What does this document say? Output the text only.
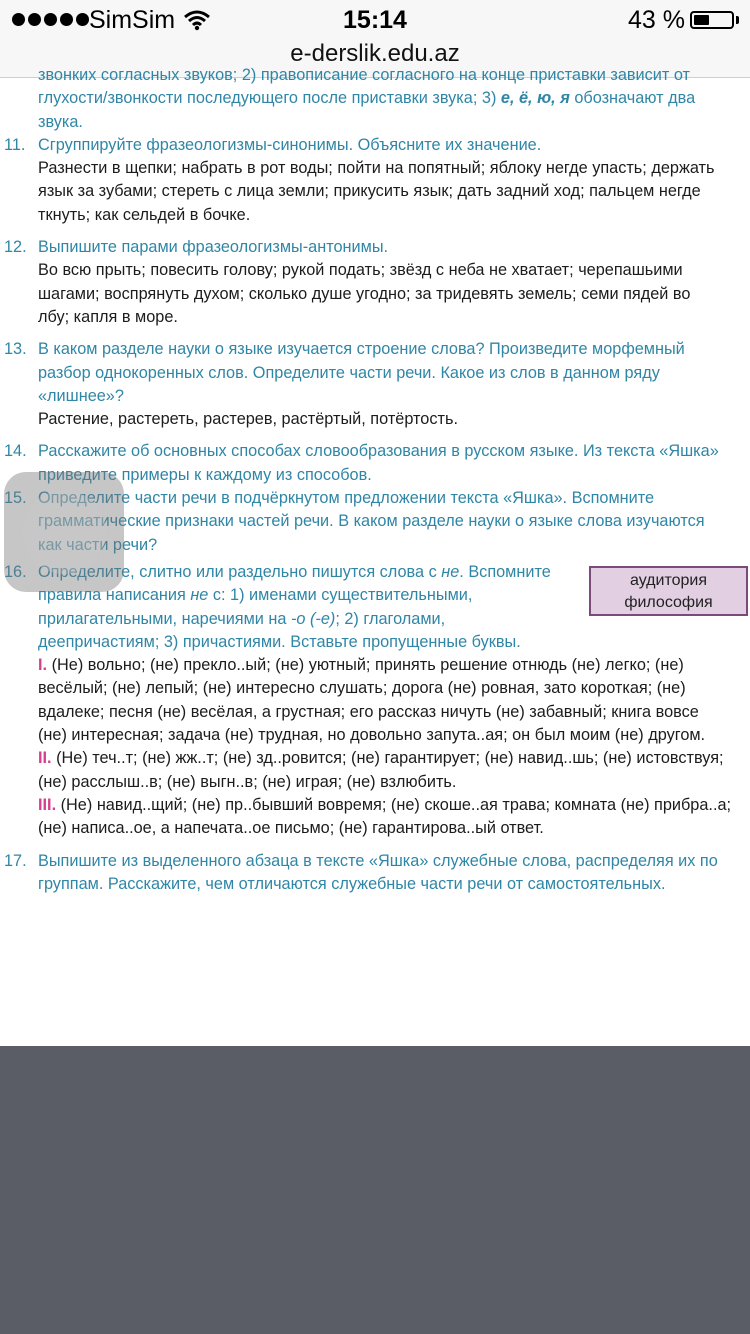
SimSim	15:14	43 %
e-derslik.edu.az
звонких согласных звуков; 2) правописание согласного на конце приставки зависит от
глухости/звонкости последующего после приставки звука; 3) е, ё, ю, я обозначают два
звука.
11. Сгруппируйте фразеологизмы-синонимы. Объясните их значение.
Разнести в щепки; набрать в рот воды; пойти на попятный; яблоку негде упасть; держать
язык за зубами; стереть с лица земли; прикусить язык; дать задний ход; пальцем негде
ткнуть; как сельдей в бочке.
12. Выпишите парами фразеологизмы-антонимы.
Во всю прыть; повесить голову; рукой подать; звёзд с неба не хватает; черепашьими
шагами; воспрянуть духом; сколько душе угодно; за тридевять земель; семи пядей во
лбу; капля в море.
13. В каком разделе науки о языке изучается строение слова? Произведите морфемный
разбор однокоренных слов. Определите части речи. Какое из слов в данном ряду
«лишнее»?
Растение, растереть, растерев, растёртый, потёртость.
14. Расскажите об основных способах словообразования в русском языке. Из текста «Яшка»
приведите примеры к каждому из способов.
15. Определите части речи в подчёркнутом предложении текста «Яшка». Вспомните
грамматические признаки частей речи. В каком разделе науки о языке слова изучаются
как части речи?
16. Определите, слитно или раздельно пишутся слова с не. Вспомните
правила написания не с: 1) именами существительными,
прилагательными, наречиями на -о (-е); 2) глаголами,
деепричастиям; 3) причастиями. Вставьте пропущенные буквы.
I. (Не) вольно; (не) прекло..ый; (не) уютный; принять решение отнюдь (не) легко; (не)
весёлый; (не) лепый; (не) интересно слушать; дорога (не) ровная, зато короткая; (не)
вдалеке; песня (не) весёлая, а грустная; его рассказ ничуть (не) забавный; книга вовсе
(не) интересная; задача (не) трудная, но довольно запута..ая; он был моим (не) другом.
II. (Не) теч..т; (не) жж..т; (не) зд..ровится; (не) гарантирует; (не) навид..шь; (не) истовствуя;
(не) расслыш..в; (не) выгн..в; (не) играя; (не) взлюбить.
III. (Не) навид..щий; (не) пр..бывший вовремя; (не) скоше..ая трава; комната (не) прибра..а;
(не) написа..ое, а напечата..ое письмо; (не) гарантирова..ый ответ.
17. Выпишите из выделенного абзаца в тексте «Яшка» служебные слова, распределяя их по
группам. Расскажите, чем отличаются служебные части речи от самостоятельных.
аудитория
философия
